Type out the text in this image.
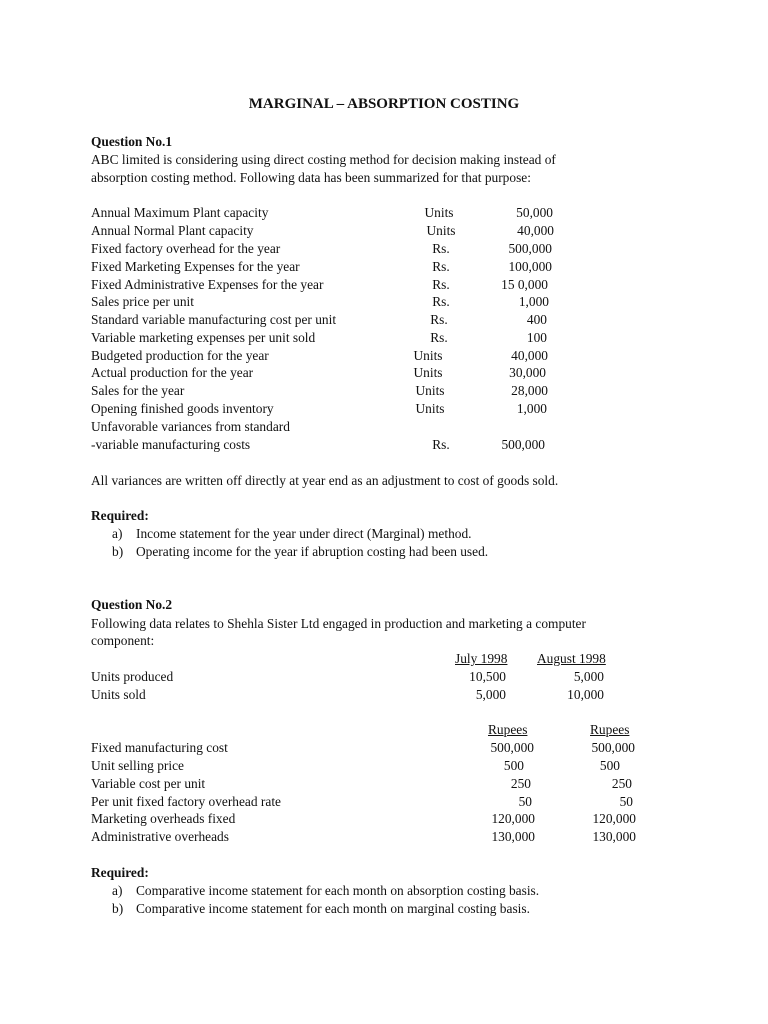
MARGINAL – ABSORPTION COSTING
Question No.1
ABC limited is considering using direct costing method for decision making instead of
absorption costing method. Following data has been summarized for that purpose:
Annual Maximum Plant capacity	Units	50,000
Annual Normal Plant capacity	Units	40,000
Fixed factory overhead for the year	Rs.	500,000
Fixed Marketing Expenses for the year	Rs.	100,000
Fixed Administrative Expenses for the year	Rs.	15 0,000
Sales price per unit	Rs.	1,000
Standard variable manufacturing cost per unit	Rs.	400
Variable marketing expenses per unit sold	Rs.	100
Budgeted production for the year	Units	40,000
Actual production for the year	Units	30,000
Sales for the year	Units	28,000
Opening finished goods inventory	Units	1,000
Unfavorable variances from standard
-variable manufacturing costs	Rs.	500,000
All variances are written off directly at year end as an adjustment to cost of goods sold.
Required:
a) Income statement for the year under direct (Marginal) method.
b) Operating income for the year if abruption costing had been used.
Question No.2
Following data relates to Shehla Sister Ltd engaged in production and marketing a computer
component:
July 1998 August 1998
Units produced	10,500	5,000
Units sold	5,000	10,000
Rupees	Rupees
Fixed manufacturing cost	500,000	500,000
Unit selling price	500	500
Variable cost per unit	250	250
Per unit fixed factory overhead rate	50	50
Marketing overheads fixed	120,000	120,000
Administrative overheads	130,000	130,000
Required:
a) Comparative income statement for each month on absorption costing basis.
b) Comparative income statement for each month on marginal costing basis.
